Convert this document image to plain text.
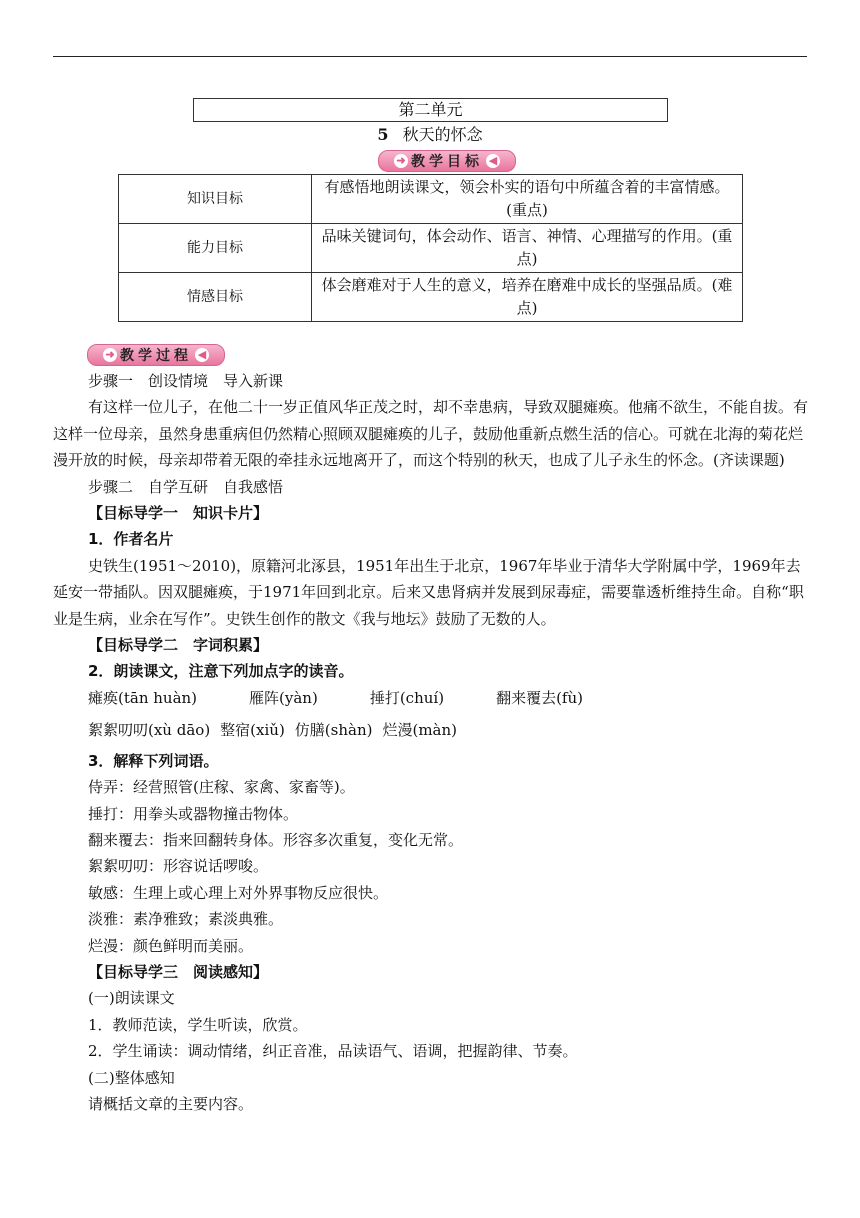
第二单元
5 秋天的怀念
➜ 教学目标 ◀
知识目标	有感悟地朗读课文，领会朴实的语句中所蕴含着的丰富情感。(重点)
能力目标	品味关键词句，体会动作、语言、神情、心理描写的作用。(重点)
情感目标	体会磨难对于人生的意义，培养在磨难中成长的坚强品质。(难点)
➜ 教学过程 ◀

步骤一　创设情境　导入新课

有这样一位儿子，在他二十一岁正值风华正茂之时，却不幸患病，导致双腿瘫痪。他痛不欲生，不能自拔。有这样一位母亲，虽然身患重病但仍然精心照顾双腿瘫痪的儿子，鼓励他重新点燃生活的信心。可就在北海的菊花烂漫开放的时候，母亲却带着无限的牵挂永远地离开了，而这个特别的秋天，也成了儿子永生的怀念。(齐读课题)

步骤二　自学互研　自我感悟

【目标导学一　知识卡片】

1．作者名片

史铁生(1951～2010)，原籍河北涿县，1951年出生于北京，1967年毕业于清华大学附属中学，1969年去延安一带插队。因双腿瘫痪，于1971年回到北京。后来又患肾病并发展到尿毒症，需要靠透析维持生命。自称“职业是生病，业余在写作”。史铁生创作的散文《我与地坛》鼓励了无数的人。

【目标导学二　字词积累】

2．朗读课文，注意下列加点字的读音。

瘫痪(tān huàn)	雁阵(yàn)	捶打(chuí)	翻来覆去(fù)

絮絮叨叨(xù dāo) 整宿(xiǔ) 仿膳(shàn) 烂漫(màn)

3．解释下列词语。

侍弄：经营照管(庄稼、家禽、家畜等)。

捶打：用拳头或器物撞击物体。

翻来覆去：指来回翻转身体。形容多次重复，变化无常。

絮絮叨叨：形容说话啰唆。

敏感：生理上或心理上对外界事物反应很快。

淡雅：素净雅致；素淡典雅。

烂漫：颜色鲜明而美丽。

【目标导学三　阅读感知】

(一)朗读课文

1．教师范读，学生听读，欣赏。

2．学生诵读：调动情绪，纠正音准，品读语气、语调，把握韵律、节奏。

(二)整体感知

请概括文章的主要内容。
